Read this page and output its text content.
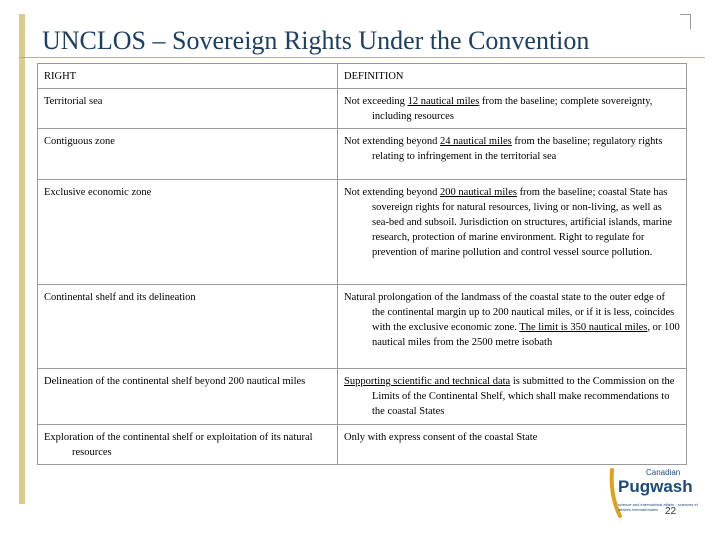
UNCLOS – Sovereign Rights Under the Convention
RIGHT	DEFINITION

Territorial sea	Not exceeding 12 nautical miles from the baseline; complete sovereignty, including resources

Contiguous zone	Not extending beyond 24 nautical miles from the baseline; regulatory rights relating to infringement in the territorial sea

Exclusive economic zone	Not extending beyond 200 nautical miles from the baseline; coastal State has sovereign rights for natural resources, living or non-living, as well as sea-bed and subsoil. Jurisdiction on structures, artificial islands, marine research, protection of marine environment. Right to regulate for prevention of marine pollution and control vessel source pollution.

Continental shelf and its delineation	Natural prolongation of the landmass of the coastal state to the outer edge of the continental margin up to 200 nautical miles, or if it is less, coincides with the exclusive economic zone. The limit is 350 nautical miles, or 100 nautical miles from the 2500 metre isobath

Delineation of the continental shelf beyond 200 nautical miles	Supporting scientific and technical data is submitted to the Commission on the Limits of the Continental Shelf, which shall make recommendations to the coastal States

Exploration of the continental shelf or exploitation of its natural resources	Only with express consent of the coastal State
Canadian
Pugwash
science and international affairs · sciences et affaires internationales 22
